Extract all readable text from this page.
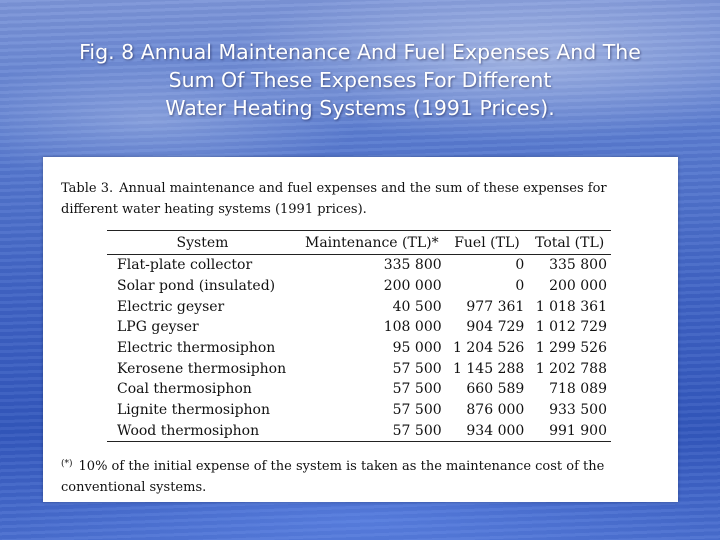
Fig. 8 Annual Maintenance And Fuel Expenses And The
Sum Of These Expenses For Different
Water Heating Systems (1991 Prices).
Table 3. Annual maintenance and fuel expenses and the sum of these expenses for different water heating systems (1991 prices).
System	Maintenance (TL)*	Fuel (TL)	Total (TL)
Flat-plate collector	335 800	0	335 800
Solar pond (insulated)	200 000	0	200 000
Electric geyser	40 500	977 361	1 018 361
LPG geyser	108 000	904 729	1 012 729
Electric thermosiphon	95 000	1 204 526	1 299 526
Kerosene thermosiphon	57 500	1 145 288	1 202 788
Coal thermosiphon	57 500	660 589	718 089
Lignite thermosiphon	57 500	876 000	933 500
Wood thermosiphon	57 500	934 000	991 900
(*) 10% of the initial expense of the system is taken as the maintenance cost of the conventional systems.
